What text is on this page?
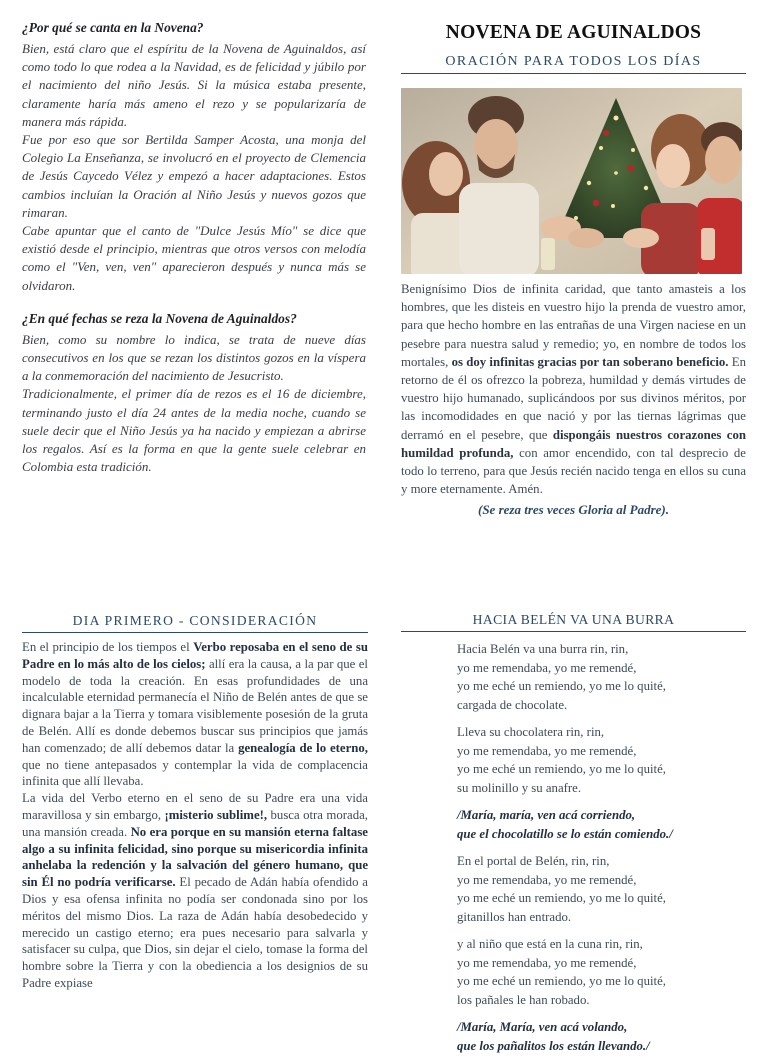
¿Por qué se canta en la Novena?

Bien, está claro que el espíritu de la Novena de Aguinaldos, así como todo lo que rodea a la Navidad, es de felicidad y júbilo por el nacimiento del niño Jesús. Si la música estaba presente, claramente haría más ameno el rezo y se popularizaría de manera más rápida.

Fue por eso que sor Bertilda Samper Acosta, una monja del Colegio La Enseñanza, se involucró en el proyecto de Clemencia de Jesús Caycedo Vélez y empezó a hacer adaptaciones. Estos cambios incluían la Oración al Niño Jesús y nuevos gozos que rimaran.

Cabe apuntar que el canto de "Dulce Jesús Mío" se dice que existió desde el principio, mientras que otros versos con melodía como el "Ven, ven, ven" aparecieron después y nunca más se olvidaron.

¿En qué fechas se reza la Novena de Aguinaldos?

Bien, como su nombre lo indica, se trata de nueve días consecutivos en los que se rezan los distintos gozos en la víspera a la conmemoración del nacimiento de Jesucristo.

Tradicionalmente, el primer día de rezos es el 16 de diciembre, terminando justo el día 24 antes de la media noche, cuando se suele decir que el Niño Jesús ya ha nacido y empiezan a abrirse los regalos. Así es la forma en que la gente suele celebrar en Colombia esta tradición.

NOVENA DE AGUINALDOS
ORACIÓN PARA TODOS LOS DÍAS

Benignísimo Dios de infinita caridad, que tanto amasteis a los hombres, que les disteis en vuestro hijo la prenda de vuestro amor, para que hecho hombre en las entrañas de una Virgen naciese en un pesebre para nuestra salud y remedio; yo, en nombre de todos los mortales, os doy infinitas gracias por tan soberano beneficio. En retorno de él os ofrezco la pobreza, humildad y demás virtudes de vuestro hijo humanado, suplicándoos por sus divinos méritos, por las incomodidades en que nació y por las tiernas lágrimas que derramó en el pesebre, que dispongáis nuestros corazones con humildad profunda, con amor encendido, con tal desprecio de todo lo terreno, para que Jesús recién nacido tenga en ellos su cuna y more eternamente. Amén.

(Se reza tres veces Gloria al Padre).
DIA PRIMERO - CONSIDERACIÓN

En el principio de los tiempos el Verbo reposaba en el seno de su Padre en lo más alto de los cielos; allí era la causa, a la par que el modelo de toda la creación. En esas profundidades de una incalculable eternidad permanecía el Niño de Belén antes de que se dignara bajar a la Tierra y tomara visiblemente posesión de la gruta de Belén. Allí es donde debemos buscar sus principios que jamás han comenzado; de allí debemos datar la genealogía de lo eterno, que no tiene antepasados y contemplar la vida de complacencia infinita que allí llevaba.

La vida del Verbo eterno en el seno de su Padre era una vida maravillosa y sin embargo, ¡misterio sublime!, busca otra morada, una mansión creada. No era porque en su mansión eterna faltase algo a su infinita felicidad, sino porque su misericordia infinita anhelaba la redención y la salvación del género humano, que sin Él no podría verificarse. El pecado de Adán había ofendido a Dios y esa ofensa infinita no podía ser condonada sino por los méritos del mismo Dios. La raza de Adán había desobedecido y merecido un castigo eterno; era pues necesario para salvarla y satisfacer su culpa, que Dios, sin dejar el cielo, tomase la forma del hombre sobre la Tierra y con la obediencia a los designios de su Padre expiase

HACIA BELÉN VA UNA BURRA
Hacia Belén va una burra rin, rin,
yo me remendaba, yo me remendé,
yo me eché un remiendo, yo me lo quité,
cargada de chocolate.
Lleva su chocolatera rin, rin,
yo me remendaba, yo me remendé,
yo me eché un remiendo, yo me lo quité,
su molinillo y su anafre.
/María, maría, ven acá corriendo,
que el chocolatillo se lo están comiendo./
En el portal de Belén, rin, rin,
yo me remendaba, yo me remendé,
yo me eché un remiendo, yo me lo quité,
gitanillos han entrado.
y al niño que está en la cuna rin, rin,
yo me remendaba, yo me remendé,
yo me eché un remiendo, yo me lo quité,
los pañales le han robado.
/María, María, ven acá volando,
que los pañalitos los están llevando./
